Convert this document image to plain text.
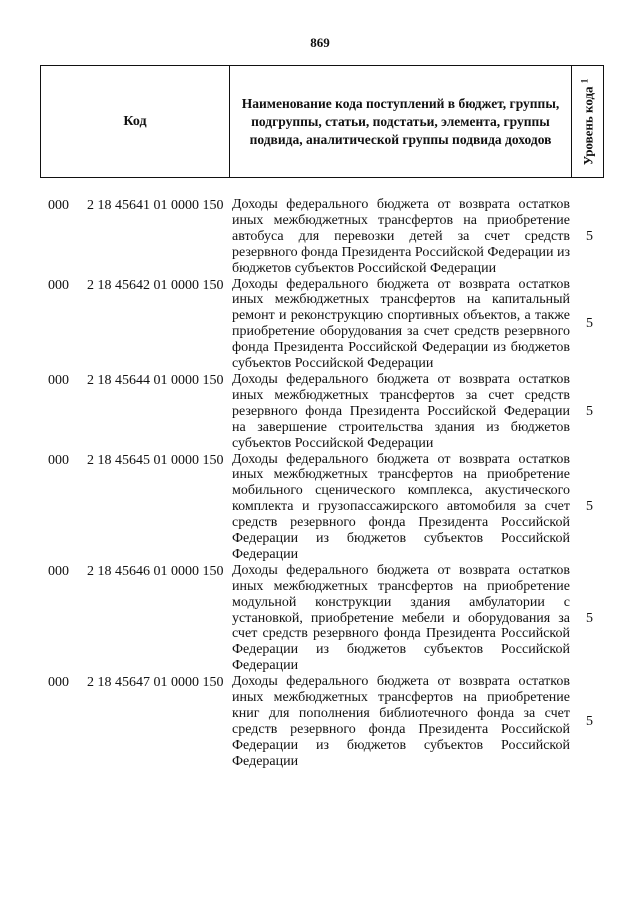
869
Код
Наименование кода поступлений в бюджет, группы, подгруппы, статьи, подстатьи, элемента, группы подвида, аналитической группы подвида доходов	Уровень кода $^1$
000 2 18 45641 01 0000 150 Доходы федерального бюджета от возврата остатков иных межбюджетных трансфертов на приобретение автобуса для перевозки детей за счет средств резервного фонда Президента Российской Федерации из бюджетов субъектов Российской Федерации
5
000 2 18 45642 01 0000 150 Доходы федерального бюджета от возврата остатков иных межбюджетных трансфертов на капитальный ремонт и реконструкцию спортивных объектов, а также приобретение оборудования за счет средств резервного фонда Президента Российской Федерации из бюджетов субъектов Российской Федерации
5
000 2 18 45644 01 0000 150 Доходы федерального бюджета от возврата остатков иных межбюджетных трансфертов за счет средств резервного фонда Президента Российской Федерации на завершение строительства здания из бюджетов субъектов Российской Федерации
5
000 2 18 45645 01 0000 150 Доходы федерального бюджета от возврата остатков иных межбюджетных трансфертов на приобретение мобильного сценического комплекса, акустического комплекта и грузопассажирского автомобиля за счет средств резервного фонда Президента Российской Федерации из бюджетов субъектов Российской Федерации
5
000 2 18 45646 01 0000 150 Доходы федерального бюджета от возврата остатков иных межбюджетных трансфертов на приобретение модульной конструкции здания амбулатории с установкой, приобретение мебели и оборудования за счет средств резервного фонда Президента Российской Федерации из бюджетов субъектов Российской Федерации
5
000 2 18 45647 01 0000 150 Доходы федерального бюджета от возврата остатков иных межбюджетных трансфертов на приобретение книг для пополнения библиотечного фонда за счет средств резервного фонда Президента Российской Федерации из бюджетов субъектов Российской Федерации
5
